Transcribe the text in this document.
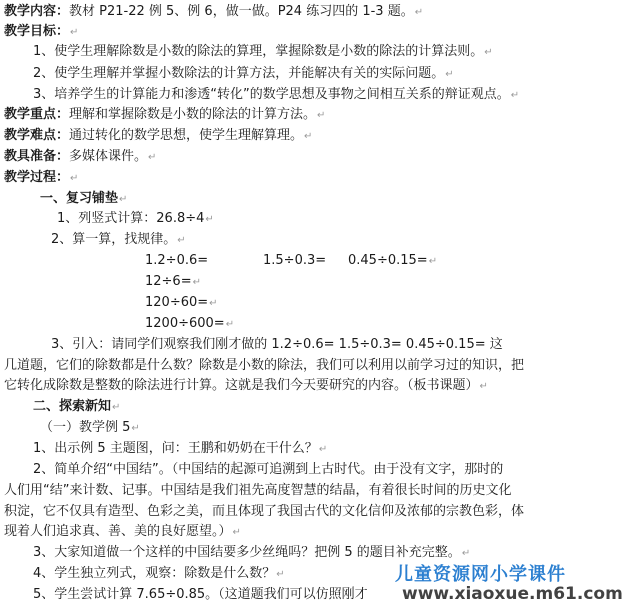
教学内容：教材 P21-22 例 5、例 6，做一做。P24 练习四的 1-3 题。↵
教学目标：↵
1、使学生理解除数是小数的除法的算理，掌握除数是小数的除法的计算法则。↵
2、使学生理解并掌握小数除法的计算方法，并能解决有关的实际问题。↵
3、培养学生的计算能力和渗透“转化”的数学思想及事物之间相互关系的辩证观点。↵
教学重点：理解和掌握除数是小数的除法的计算方法。↵
教学难点：通过转化的数学思想，使学生理解算理。↵
教具准备：多媒体课件。↵
教学过程：↵
一、复习铺垫↵
1、列竖式计算：26.8÷4↵
2、算一算，找规律。↵
1.2÷0.6=	1.5÷0.3= 0.45÷0.15=↵
12÷6=↵
120÷60=↵
1200÷600=↵
3、引入：请同学们观察我们刚才做的 1.2÷0.6= 1.5÷0.3= 0.45÷0.15= 这
几道题，它们的除数都是什么数？除数是小数的除法，我们可以利用以前学习过的知识，把
它转化成除数是整数的除法进行计算。这就是我们今天要研究的内容。（板书课题）↵
二、探索新知↵
（一）教学例 5↵
1、出示例 5 主题图，问：王鹏和奶奶在干什么？↵
2、简单介绍“中国结”。（中国结的起源可追溯到上古时代。由于没有文字，那时的
人们用“结”来计数、记事。中国结是我们祖先高度智慧的结晶，有着很长时间的历史文化
积淀，它不仅具有造型、色彩之美，而且体现了我国古代的文化信仰及浓郁的宗教色彩，体
现着人们追求真、善、美的良好愿望。）↵
3、大家知道做一个这样的中国结要多少丝绳吗？把例 5 的题目补充完整。↵
4、学生独立列式，观察：除数是什么数？↵
5、学生尝试计算 7.65÷0.85。（这道题我们可以仿照刚才
儿童资源网小学课件
www.xiaoxue.m61.com
